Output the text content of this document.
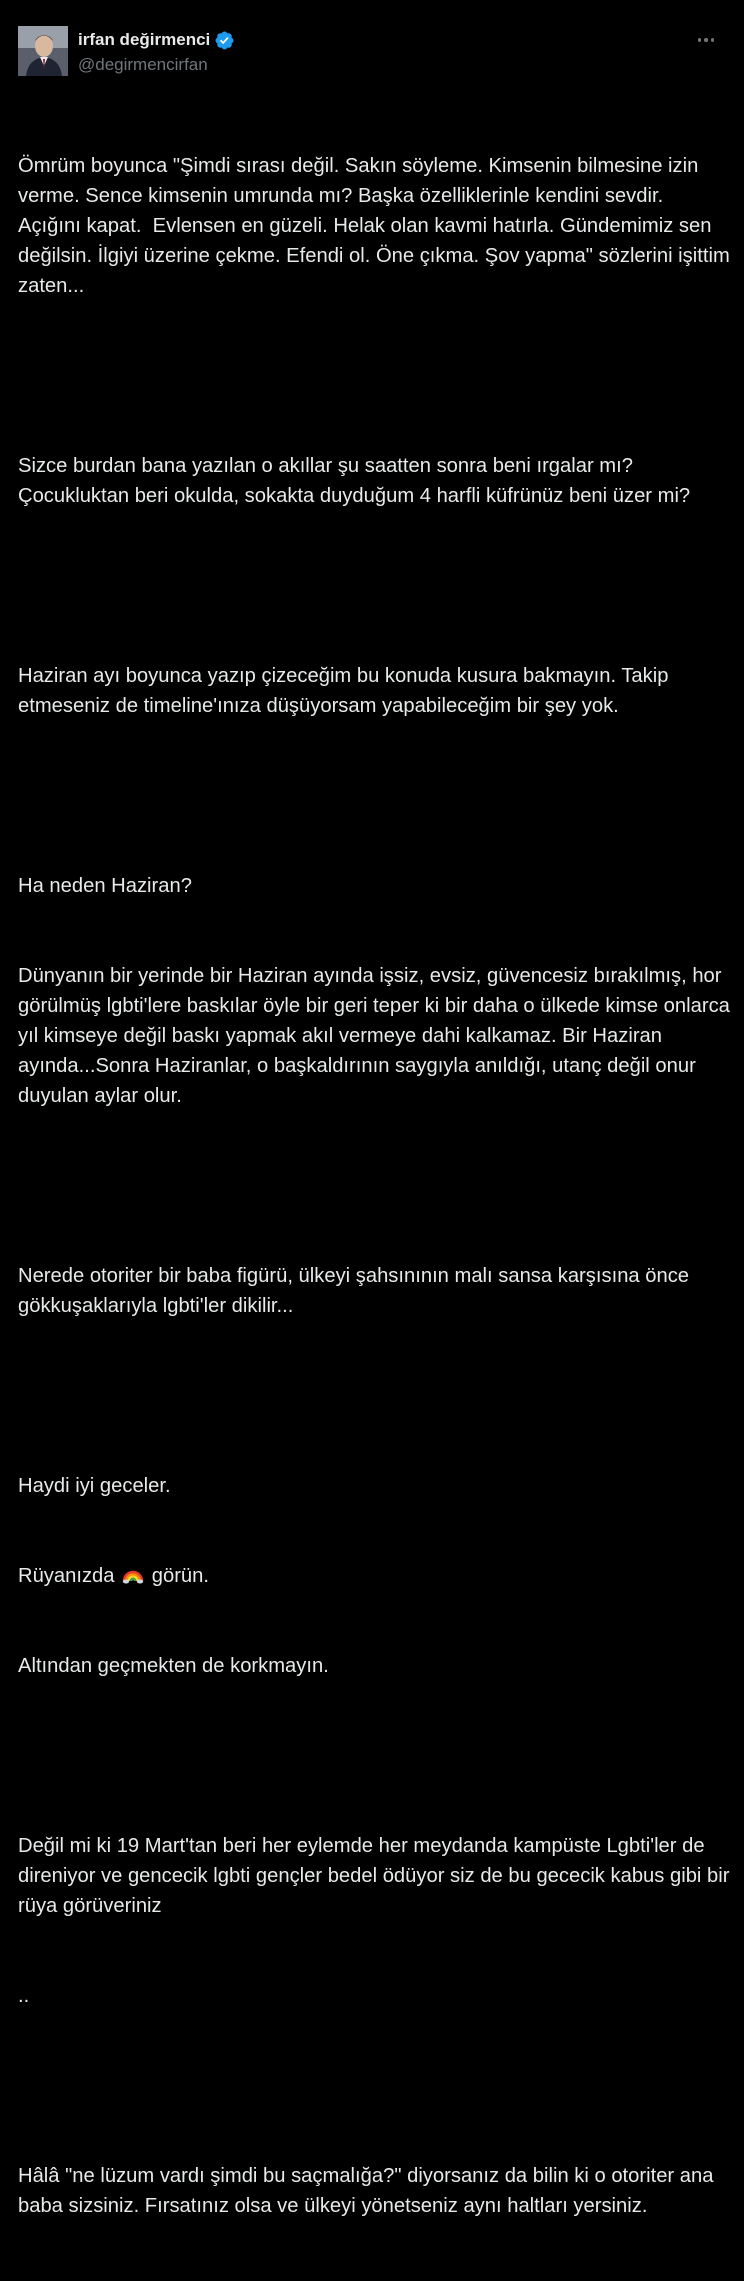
irfan değirmenci
@degirmencirfan

Ömrüm boyunca "Şimdi sırası değil. Sakın söyleme. Kimsenin bilmesine izin verme. Sence kimsenin umrunda mı? Başka özelliklerinle kendini sevdir. Açığını kapat.  Evlensen en güzeli. Helak olan kavmi hatırla. Gündemimiz sen değilsin. İlgiyi üzerine çekme. Efendi ol. Öne çıkma. Şov yapma" sözlerini işittim zaten...

Sizce burdan bana yazılan o akıllar şu saatten sonra beni ırgalar mı? Çocukluktan beri okulda, sokakta duyduğum 4 harfli küfrünüz beni üzer mi?

Haziran ayı boyunca yazıp çizeceğim bu konuda kusura bakmayın. Takip etmeseniz de timeline'ınıza düşüyorsam yapabileceğim bir şey yok.

Ha neden Haziran?

Dünyanın bir yerinde bir Haziran ayında işsiz, evsiz, güvencesiz bırakılmış, hor görülmüş lgbti'lere baskılar öyle bir geri teper ki bir daha o ülkede kimse onlarca yıl kimseye değil baskı yapmak akıl vermeye dahi kalkamaz. Bir Haziran ayında...Sonra Haziranlar, o başkaldırının saygıyla anıldığı, utanç değil onur duyulan aylar olur.

Nerede otoriter bir baba figürü, ülkeyi şahsınının malı sansa karşısına önce gökkuşaklarıyla lgbti'ler dikilir...

Haydi iyi geceler.

Rüyanızda görün.

Altından geçmekten de korkmayın.

Değil mi ki 19 Mart'tan beri her eylemde her meydanda kampüste Lgbti'ler de direniyor ve gencecik lgbti gençler bedel ödüyor siz de bu gececik kabus gibi bir rüya görüveriniz

..

Hâlâ "ne lüzum vardı şimdi bu saçmalığa?" diyorsanız da bilin ki o otoriter ana baba sizsiniz. Fırsatınız olsa ve ülkeyi yönetseniz aynı haltları yersiniz.
